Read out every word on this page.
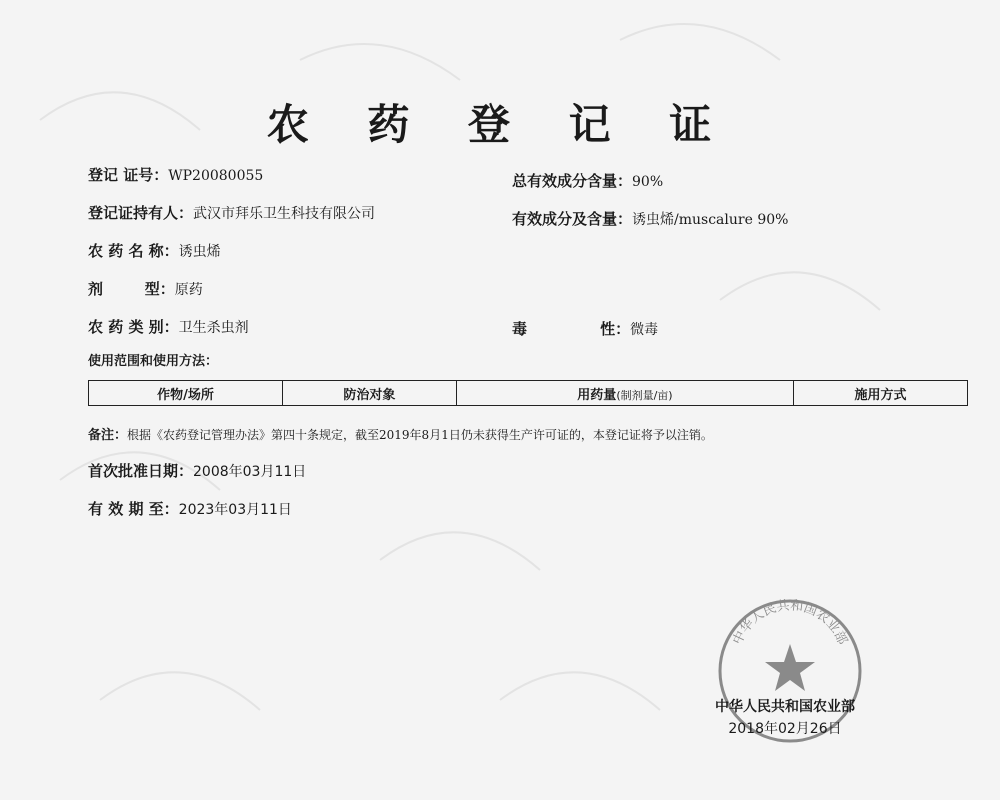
农 药 登 记 证
登记 证号：WP20080055
登记证持有人：武汉市拜乐卫生科技有限公司
农 药 名 称：诱虫烯
剂        型：原药
农 药 类 别：卫生杀虫剂
总有效成分含量：90%
有效成分及含量：诱虫烯/muscalure 90%
毒              性：微毒
使用范围和使用方法：
作物/场所	防治对象	用药量(制剂量/亩)	施用方式
备注：根据《农药登记管理办法》第四十条规定，截至2019年8月1日仍未获得生产许可证的，本登记证将予以注销。
首次批准日期：2008年03月11日
有 效 期 至：2023年03月11日
中华人民共和国农业部
中华人民共和国农业部
2018年02月26日
